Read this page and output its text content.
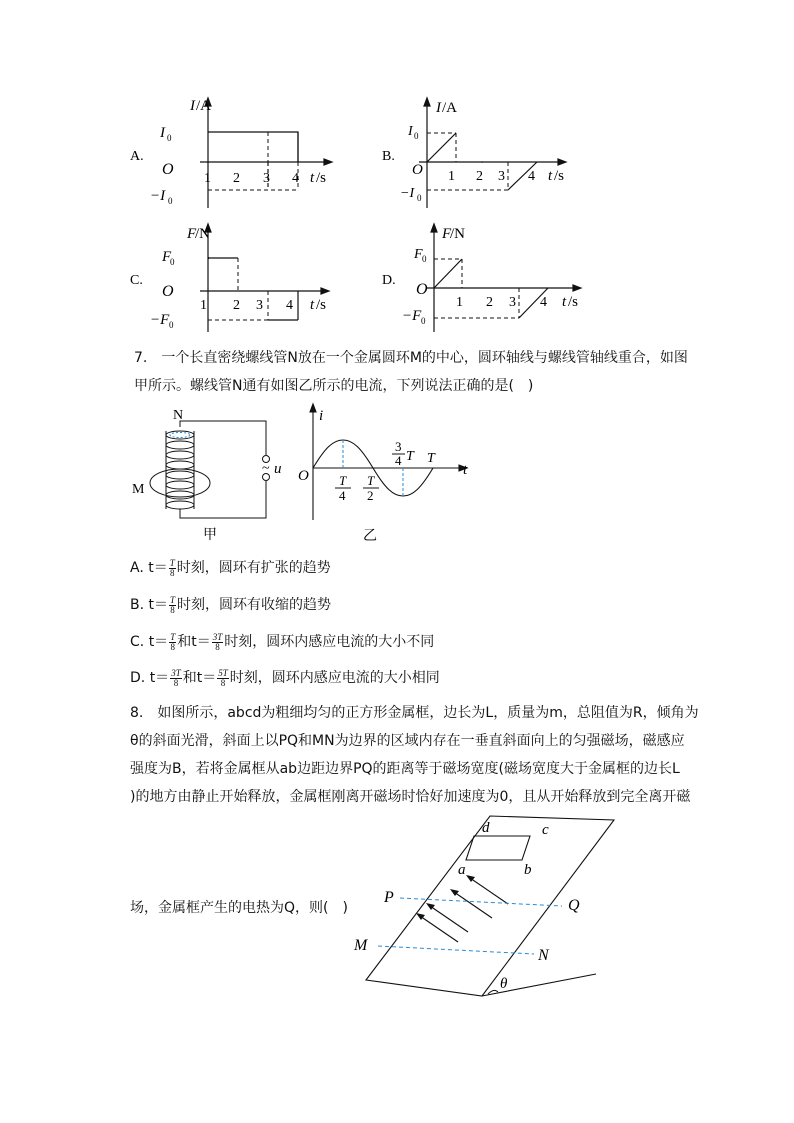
A.
I /A
I 0
−I 0
O
1 2 3 4 t /s
B.
I /A
I 0
−I 0
O 1 2 3 4 t /s
C.
F
/N
F
0
−F 0
O
1 2 3 4 t /s
D.
F
/N
F 0
−F 0
O
1 2 3 4 t /s
7.　一个长直密绕螺线管N放在一个金属圆环M的中心，圆环轴线与螺线管轴线重合，如图
甲所示。螺线管N通有如图乙所示的电流，下列说法正确的是(　)
N
M
~ u
甲
i
t
O T
4
T
2
3
4 T T
乙
A. $t= \frac{T}{8}$ 时刻，圆环有扩张的趋势
B. $t= \frac{T}{8}$ 时刻，圆环有收缩的趋势
C. $t= \frac{T}{8}$ 和$t= \frac{3T}{8}$ 时刻，圆环内感应电流的大小不同
D. $t= \frac{3T}{8}$ 和$t= \frac{5T}{8}$ 时刻，圆环内感应电流的大小相同
8.　如图所示，abcd为粗细均匀的正方形金属框，边长为L，质量为m，总阻值为R，倾角为
θ的斜面光滑，斜面上以PQ和MN为边界的区域内存在一垂直斜面向上的匀强磁场，磁感应
强度为B，若将金属框从ab边距边界PQ的距离等于磁场宽度(磁场宽度大于金属框的边长L
)的地方由静止开始释放，金属框刚离开磁场时恰好加速度为0，且从开始释放到完全离开磁
场，金属框产生的电热为Q，则(　)
d	c
a	b
P	Q
M
N
θ
